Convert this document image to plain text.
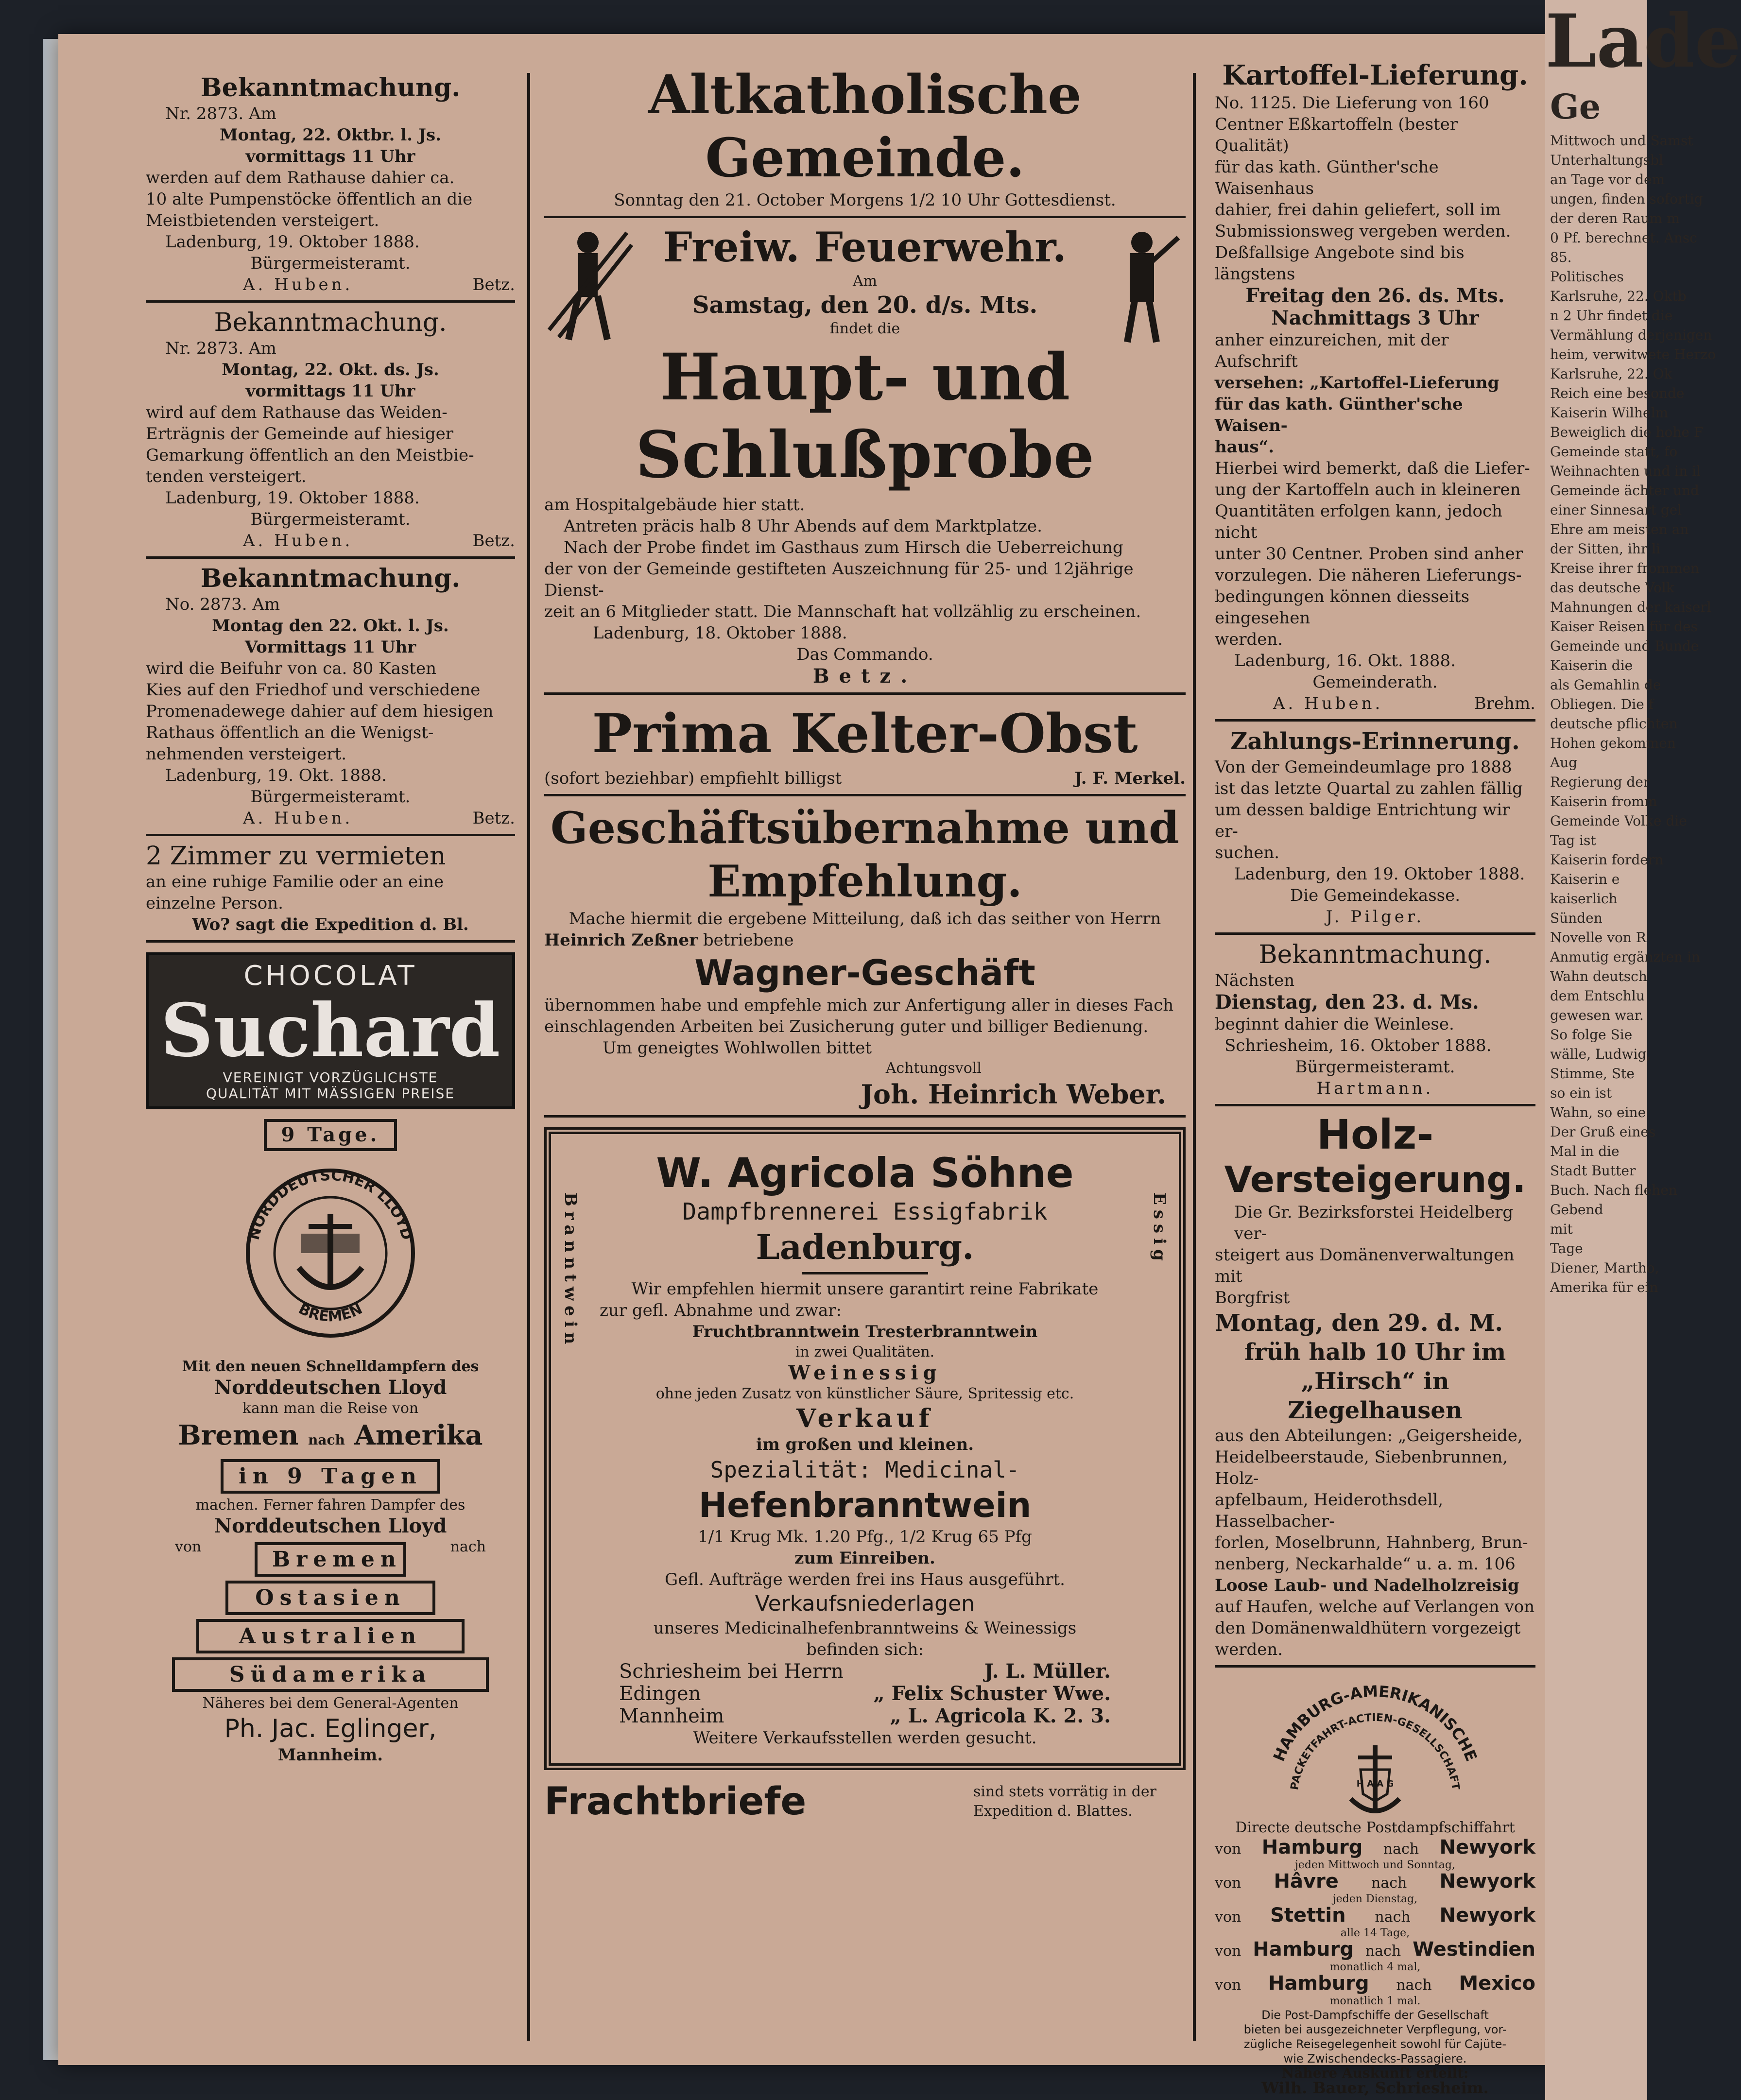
Lade
Ge
Mittwoch und Samst
Unterhaltungsbl
an Tage vor dem
ungen, finden sofortig
der deren Raum m
0 Pf. berechnet. Ansc
85.
Politisches
Karlsruhe, 22. Oktb
n 2 Uhr findet die
Vermählung derjenigen
heim, verwitwete Herzo
Karlsruhe, 22. Ok
Reich eine besonde
Kaiserin Wilhelm
Beweiglich die hohe F
Gemeinde statt, fo
Weihnachten und in il
Gemeinde ächter und
einer Sinnesart gel
Ehre am meisten an
der Sitten, ihr li
Kreise ihrer frommen
das deutsche Volk
Mahnungen der kaiserl
Kaiser Reisen für des
Gemeinde und Bunde
Kaiserin die
als Gemahlin de
Obliegen. Die f
deutsche pflichten
Hohen gekommen
Aug
Regierung der
Kaiserin fromm
Gemeinde Volke die
Tag ist
Kaiserin fordern
Kaiserin e
kaiserlich
Sünden
Novelle von R
Anmutig ergänzten in
Wahn deutsch
dem Entschlu
gewesen war.
So folge Sie
wälle, Ludwig,
Stimme, Ste
so ein ist
Wahn, so eine
Der Gruß eines
Mal in die
Stadt Butter
Buch. Nach flehen
Gebend
mit
Tage
Diener, Martho,
Amerika für ein
Bekanntmachung.
Nr. 2873. Am
Montag, 22. Oktbr. l. Js.
vormittags 11 Uhr
werden auf dem Rathause dahier ca.
10 alte Pumpenstöcke öffentlich an die
Meistbietenden versteigert.
Ladenburg, 19. Oktober 1888.
Bürgermeisteramt.
A. Huben.	Betz.
Bekanntmachung.
Nr. 2873. Am
Montag, 22. Okt. ds. Js.
vormittags 11 Uhr
wird auf dem Rathause das Weiden-
Erträgnis der Gemeinde auf hiesiger
Gemarkung öffentlich an den Meistbie-
tenden versteigert.
Ladenburg, 19. Oktober 1888.
Bürgermeisteramt.
A. Huben.	Betz.
Bekanntmachung.
No. 2873. Am
Montag den 22. Okt. l. Js.
Vormittags 11 Uhr
wird die Beifuhr von ca. 80 Kasten
Kies auf den Friedhof und verschiedene
Promenadewege dahier auf dem hiesigen
Rathaus öffentlich an die Wenigst-
nehmenden versteigert.
Ladenburg, 19. Okt. 1888.
Bürgermeisteramt.
A. Huben.	Betz.
2 Zimmer zu vermieten
an eine ruhige Familie oder an eine
einzelne Person.
Wo? sagt die Expedition d. Bl.
CHOCOLAT
Suchard
VEREINIGT VORZÜGLICHSTE
QUALITÄT MIT MÄSSIGEN PREISE
9 Tage.
NORDDEUTSCHER LLOYD
BREMEN
Mit den neuen Schnelldampfern des
Norddeutschen Lloyd
kann man die Reise von
Bremen nach Amerika
in 9 Tagen
machen. Ferner fahren Dampfer des
Norddeutschen Lloyd
von	nach
Bremen
Ostasien
Australien
Südamerika
Näheres bei dem General-Agenten
Ph. Jac. Eglinger,
Mannheim.
Altkatholische Gemeinde.
Sonntag den 21. October Morgens 1/2 10 Uhr Gottesdienst.
Freiw. Feuerwehr.
Am
Samstag, den 20. d/s. Mts.
findet die
Haupt- und Schlußprobe
am Hospitalgebäude hier statt.
Antreten präcis halb 8 Uhr Abends auf dem Marktplatze.
Nach der Probe findet im Gasthaus zum Hirsch die Ueberreichung
der von der Gemeinde gestifteten Auszeichnung für 25- und 12jährige Dienst-
zeit an 6 Mitglieder statt. Die Mannschaft hat vollzählig zu erscheinen.
Ladenburg, 18. Oktober 1888.
Das Commando.
Betz.
Prima Kelter-Obst
(sofort beziehbar) empfiehlt billigst	J. F. Merkel.
Geschäftsübernahme und
Empfehlung.
Mache hiermit die ergebene Mitteilung, daß ich das seither von Herrn
Heinrich Zeßner betriebene
Wagner-Geschäft
übernommen habe und empfehle mich zur Anfertigung aller in dieses Fach
einschlagenden Arbeiten bei Zusicherung guter und billiger Bedienung.
Um geneigtes Wohlwollen bittet
Achtungsvoll
Joh. Heinrich Weber.
Branntwein	Essig
W. Agricola Söhne
Dampfbrennerei Essigfabrik
Ladenburg.
Wir empfehlen hiermit unsere garantirt reine Fabrikate
zur gefl. Abnahme und zwar:
Fruchtbranntwein Tresterbranntwein
in zwei Qualitäten.
Weinessig
ohne jeden Zusatz von künstlicher Säure, Spritessig etc.
Verkauf
im großen und kleinen.
Spezialität: Medicinal-
Hefenbranntwein
1/1 Krug Mk. 1.20 Pfg., 1/2 Krug 65 Pfg
zum Einreiben.
Gefl. Aufträge werden frei ins Haus ausgeführt.
Verkaufsniederlagen
unseres Medicinalhefenbranntweins & Weinessigs
befinden sich:
Schriesheim bei Herrn	J. L. Müller.
Edingen	„ Felix Schuster Wwe.
Mannheim	„ L. Agricola K. 2. 3.
Weitere Verkaufsstellen werden gesucht.
Frachtbriefe	sind stets vorrätig in der
Expedition d. Blattes.
Kartoffel-Lieferung.
No. 1125. Die Lieferung von 160
Centner Eßkartoffeln (bester Qualität)
für das kath. Günther'sche Waisenhaus
dahier, frei dahin geliefert, soll im
Submissionsweg vergeben werden.
Deßfallsige Angebote sind bis längstens
Freitag den 26. ds. Mts.
Nachmittags 3 Uhr
anher einzureichen, mit der Aufschrift
versehen: „Kartoffel-Lieferung
für das kath. Günther'sche Waisen-
haus“.
Hierbei wird bemerkt, daß die Liefer-
ung der Kartoffeln auch in kleineren
Quantitäten erfolgen kann, jedoch nicht
unter 30 Centner. Proben sind anher
vorzulegen. Die näheren Lieferungs-
bedingungen können diesseits eingesehen
werden.
Ladenburg, 16. Okt. 1888.
Gemeinderath.
A. Huben.	Brehm.
Zahlungs-Erinnerung.
Von der Gemeindeumlage pro 1888
ist das letzte Quartal zu zahlen fällig
um dessen baldige Entrichtung wir er-
suchen.
Ladenburg, den 19. Oktober 1888.
Die Gemeindekasse.
J. Pilger.
Bekanntmachung.
Nächsten
Dienstag, den 23. d. Ms.
beginnt dahier die Weinlese.
Schriesheim, 16. Oktober 1888.
Bürgermeisteramt.
Hartmann.
Holz-
Versteigerung.
Die Gr. Bezirksforstei Heidelberg ver-
steigert aus Domänenverwaltungen mit
Borgfrist
Montag, den 29. d. M.
früh halb 10 Uhr im
„Hirsch“ in Ziegelhausen
aus den Abteilungen: „Geigersheide,
Heidelbeerstaude, Siebenbrunnen, Holz-
apfelbaum, Heiderothsdell, Hasselbacher-
forlen, Moselbrunn, Hahnberg, Brun-
nenberg, Neckarhalde“ u. a. m. 106
Loose Laub- und Nadelholzreisig
auf Haufen, welche auf Verlangen von
den Domänenwaldhütern vorgezeigt
werden.
HAMBURG-AMERIKANISCHE
PACKETFAHRT-ACTIEN-GESELLSCHAFT
H A A G
Directe deutsche Postdampfschiffahrt
von Hamburg nach Newyork
jeden Mittwoch und Sonntag,
von Hâvre nach Newyork
jeden Dienstag,
von Stettin nach Newyork
alle 14 Tage,
von Hamburg nach Westindien
monatlich 4 mal,
von Hamburg nach Mexico
monatlich 1 mal.
Die Post-Dampfschiffe der Gesellschaft
bieten bei ausgezeichneter Verpflegung, vor-
zügliche Reisegelegenheit sowohl für Cajüte-
wie Zwischendecks-Passagiere.
Nähere Auskunft erteilt:
Wilh. Bauer, Schriesheim.
